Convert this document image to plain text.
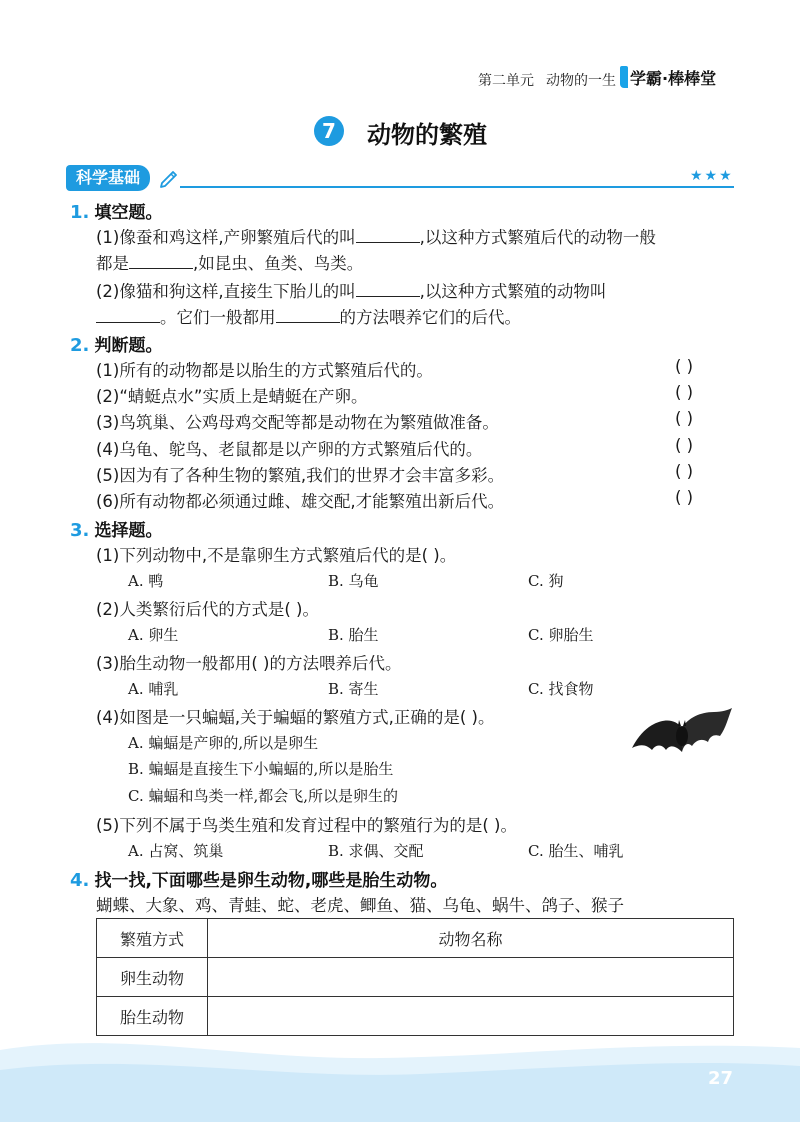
第二单元 动物的一生 学霸·棒棒堂
7	动物的繁殖
科学基础	★★★
1. 填空题。
(1)像蚕和鸡这样,产卵繁殖后代的叫	,以这种方式繁殖后代的动物一般
都是	,如昆虫、鱼类、鸟类。
(2)像猫和狗这样,直接生下胎儿的叫	,以这种方式繁殖的动物叫
。它们一般都用	的方法喂养它们的后代。
2. 判断题。
(1)所有的动物都是以胎生的方式繁殖后代的。	( )
(2)“蜻蜓点水”实质上是蜻蜓在产卵。	( )
(3)鸟筑巢、公鸡母鸡交配等都是动物在为繁殖做准备。	( )
(4)乌龟、鸵鸟、老鼠都是以产卵的方式繁殖后代的。	( )
(5)因为有了各种生物的繁殖,我们的世界才会丰富多彩。	( )
(6)所有动物都必须通过雌、雄交配,才能繁殖出新后代。	( )
3. 选择题。
(1)下列动物中,不是靠卵生方式繁殖后代的是( )。
A. 鸭	B. 乌龟	C. 狗
(2)人类繁衍后代的方式是( )。
A. 卵生	B. 胎生	C. 卵胎生
(3)胎生动物一般都用( )的方法喂养后代。
A. 哺乳	B. 寄生	C. 找食物
(4)如图是一只蝙蝠,关于蝙蝠的繁殖方式,正确的是( )。
A. 蝙蝠是产卵的,所以是卵生
B. 蝙蝠是直接生下小蝙蝠的,所以是胎生
C. 蝙蝠和鸟类一样,都会飞,所以是卵生的
(5)下列不属于鸟类生殖和发育过程中的繁殖行为的是( )。
A. 占窝、筑巢	B. 求偶、交配	C. 胎生、哺乳
4. 找一找,下面哪些是卵生动物,哪些是胎生动物。
蝴蝶、大象、鸡、青蛙、蛇、老虎、鲫鱼、猫、乌龟、蜗牛、鸽子、猴子
繁殖方式	动物名称
卵生动物	
胎生动物	
27
